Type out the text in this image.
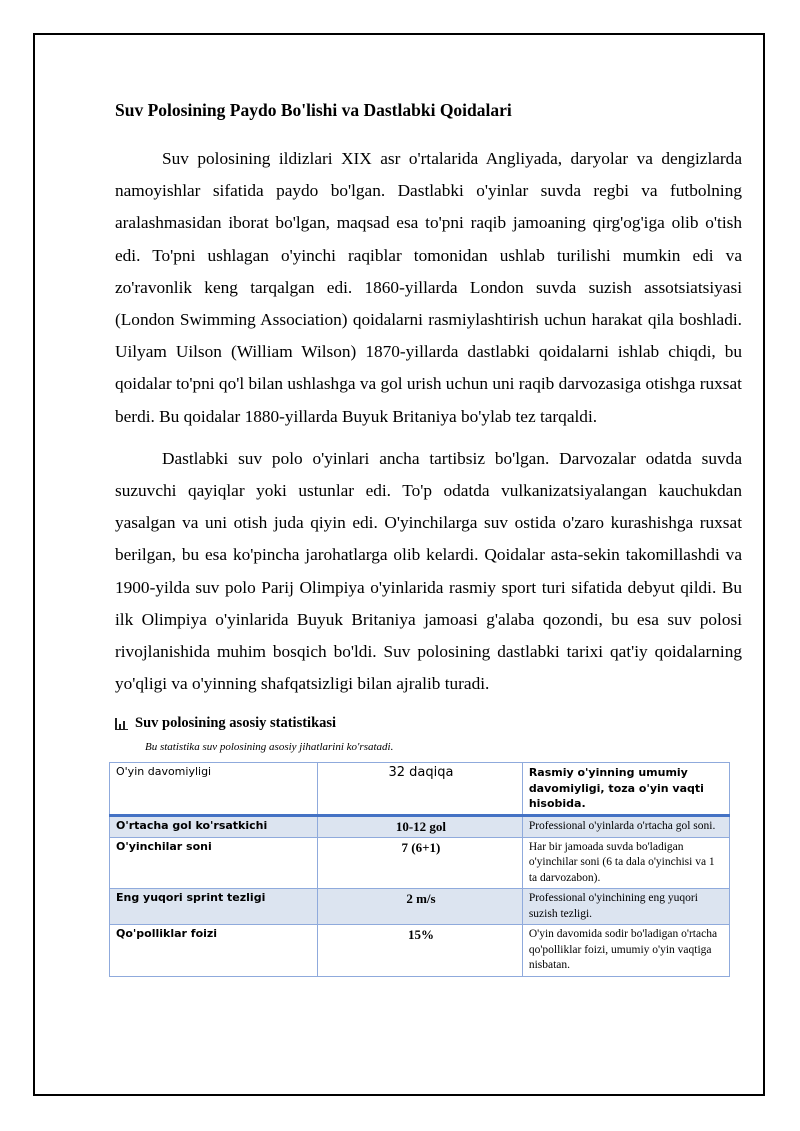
Suv Polosining Paydo Bo'lishi va Dastlabki Qoidalari

Suv polosining ildizlari XIX asr o'rtalarida Angliyada, daryolar va dengizlarda namoyishlar sifatida paydo bo'lgan. Dastlabki o'yinlar suvda regbi va futbolning aralashmasidan iborat bo'lgan, maqsad esa to'pni raqib jamoaning qirg'og'iga olib o'tish edi. To'pni ushlagan o'yinchi raqiblar tomonidan ushlab turilishi mumkin edi va zo'ravonlik keng tarqalgan edi. 1860-yillarda London suvda suzish assotsiatsiyasi (London Swimming Association) qoidalarni rasmiylashtirish uchun harakat qila boshladi. Uilyam Uilson (William Wilson) 1870-yillarda dastlabki qoidalarni ishlab chiqdi, bu qoidalar to'pni qo'l bilan ushlashga va gol urish uchun uni raqib darvozasiga otishga ruxsat berdi. Bu qoidalar 1880-yillarda Buyuk Britaniya bo'ylab tez tarqaldi.

Dastlabki suv polo o'yinlari ancha tartibsiz bo'lgan. Darvozalar odatda suvda suzuvchi qayiqlar yoki ustunlar edi. To'p odatda vulkanizatsiyalangan kauchukdan yasalgan va uni otish juda qiyin edi. O'yinchilarga suv ostida o'zaro kurashishga ruxsat berilgan, bu esa ko'pincha jarohatlarga olib kelardi. Qoidalar asta-sekin takomillashdi va 1900-yilda suv polo Parij Olimpiya o'yinlarida rasmiy sport turi sifatida debyut qildi. Bu ilk Olimpiya o'yinlarida Buyuk Britaniya jamoasi g'alaba qozondi, bu esa suv polosi rivojlanishida muhim bosqich bo'ldi. Suv polosining dastlabki tarixi qat'iy qoidalarning yo'qligi va o'yinning shafqatsizligi bilan ajralib turadi.

Suv polosining asosiy statistikasi
Bu statistika suv polosining asosiy jihatlarini ko'rsatadi.
O'yin davomiyligi	32 daqiqa	Rasmiy o'yinning umumiy davomiyligi, toza o'yin vaqti hisobida.
O'rtacha gol ko'rsatkichi	10-12 gol	Professional o'yinlarda o'rtacha gol soni.
O'yinchilar soni	7 (6+1)	Har bir jamoada suvda bo'ladigan o'yinchilar soni (6 ta dala o'yinchisi va 1 ta darvozabon).
Eng yuqori sprint tezligi	2 m/s	Professional o'yinchining eng yuqori suzish tezligi.
Qo'polliklar foizi	15%	O'yin davomida sodir bo'ladigan o'rtacha qo'polliklar foizi, umumiy o'yin vaqtiga nisbatan.
